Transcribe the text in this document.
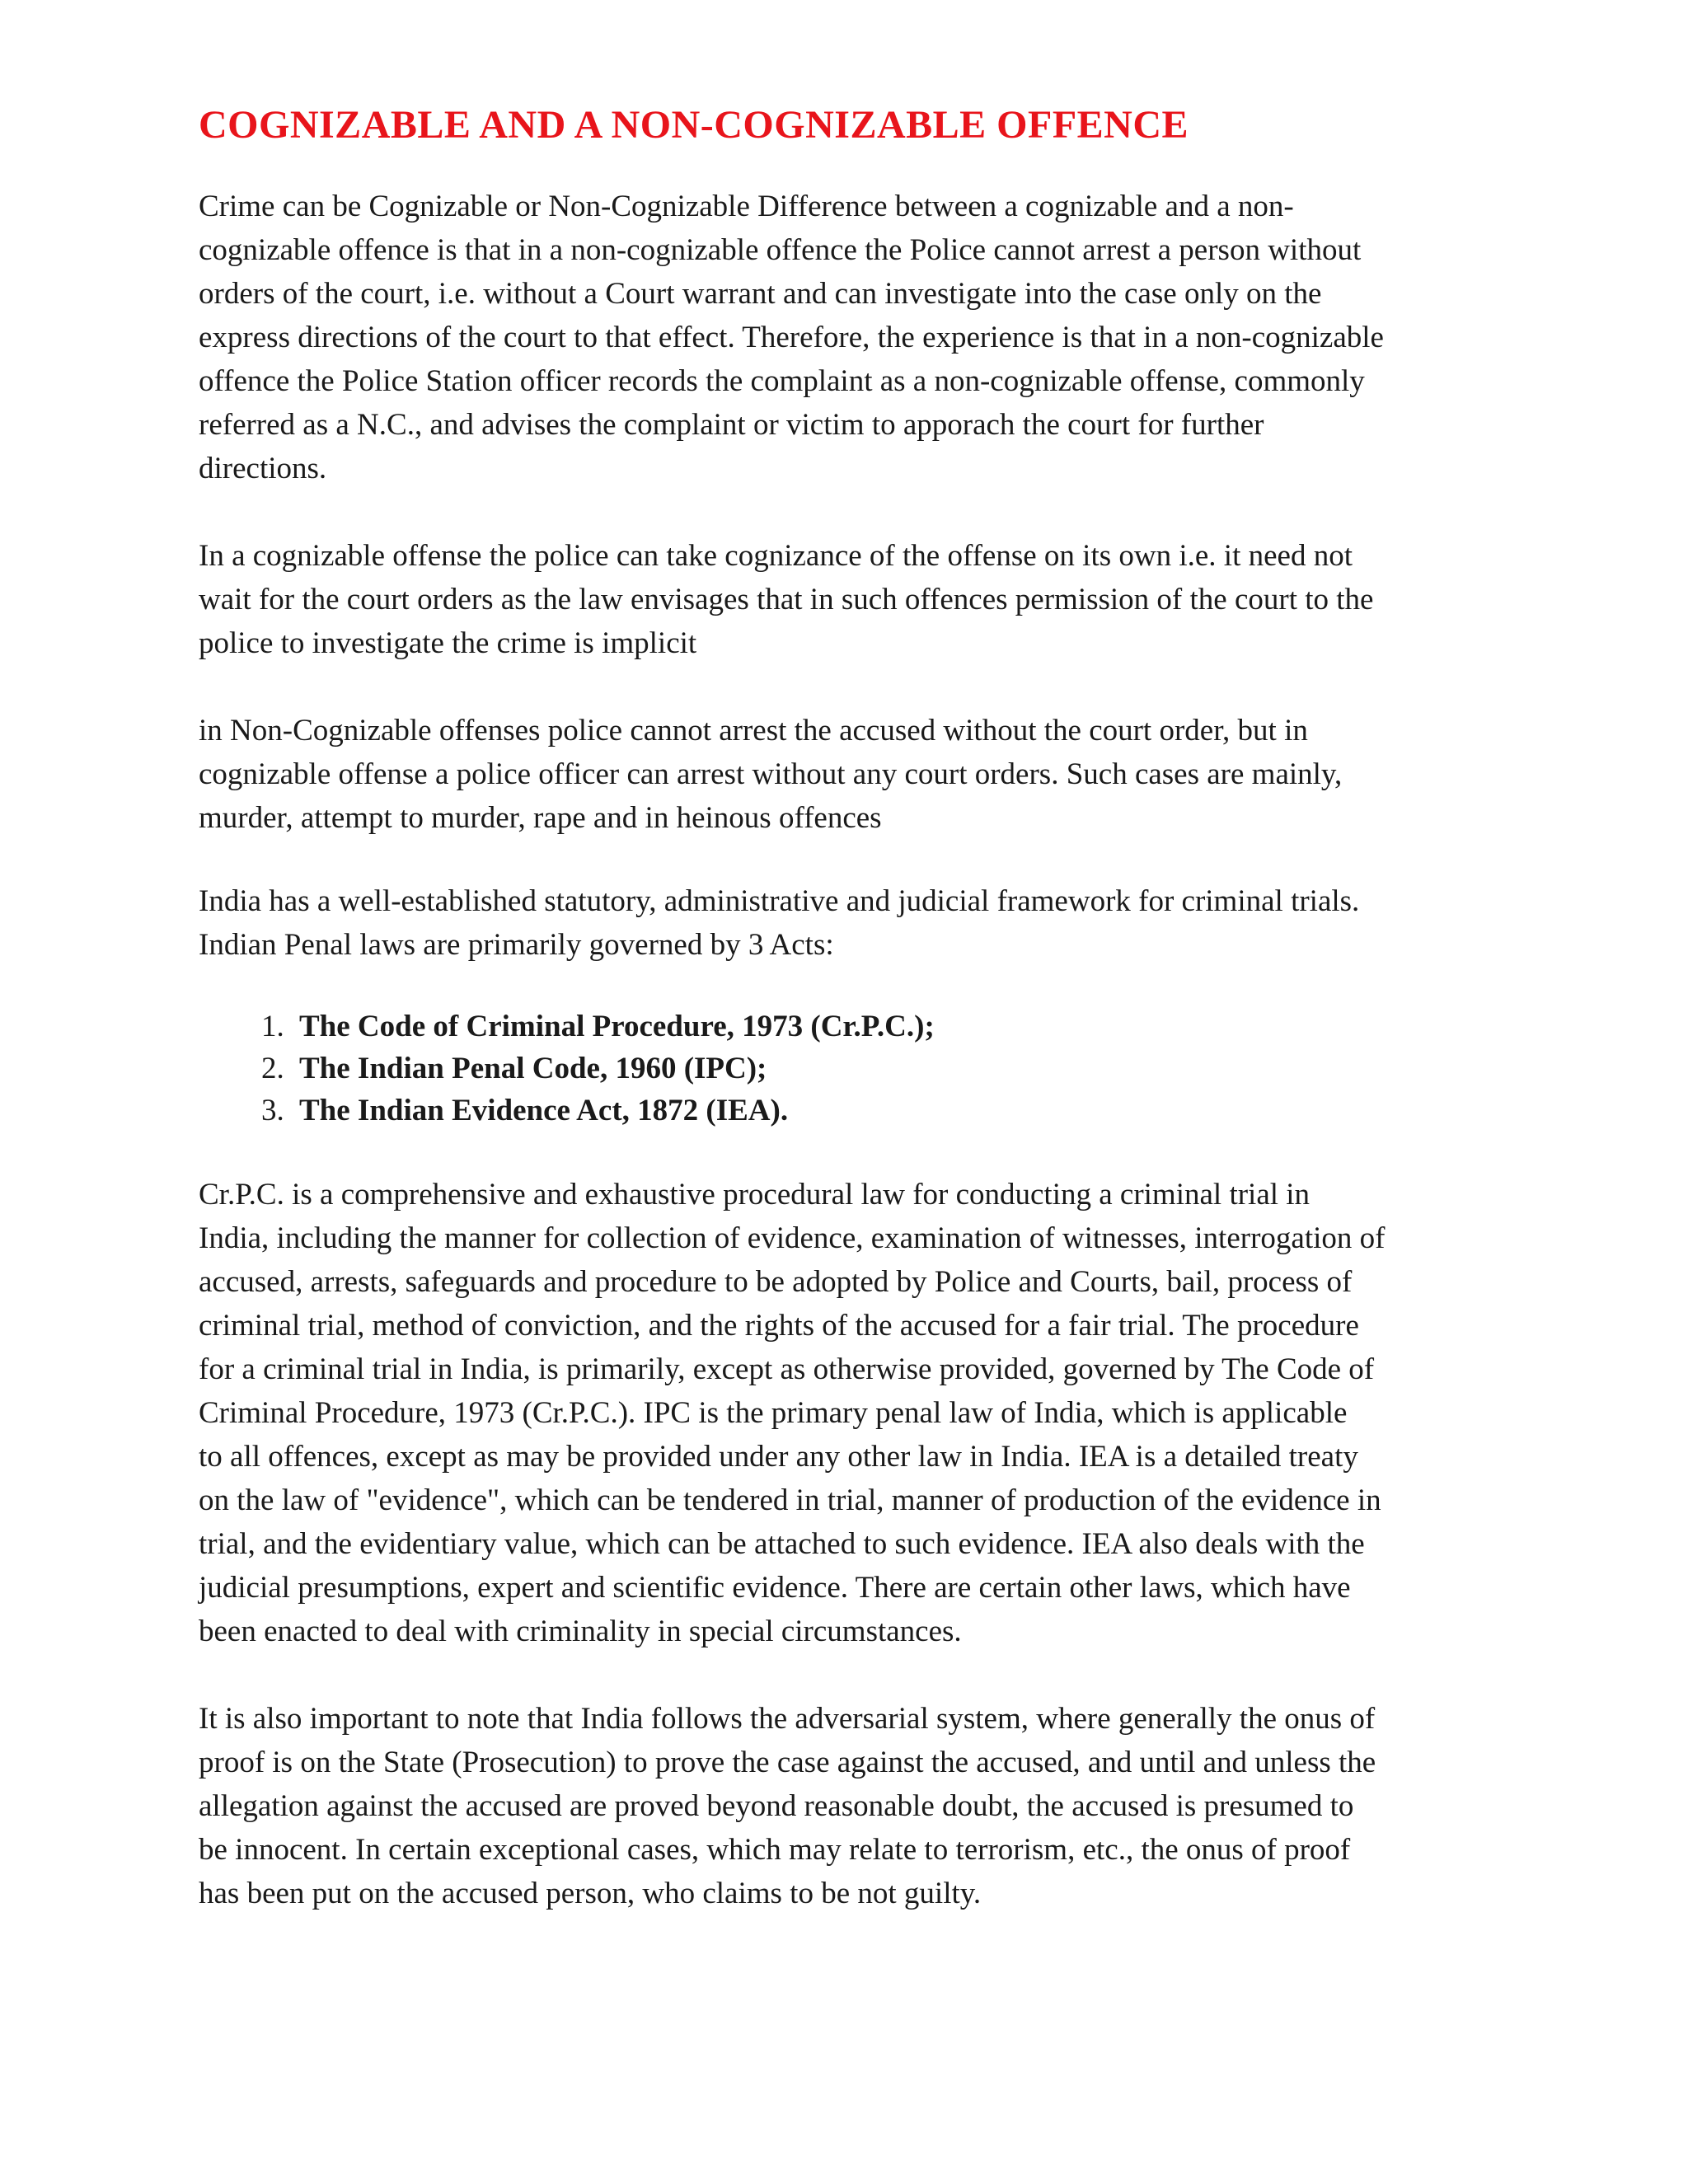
COGNIZABLE AND A NON-COGNIZABLE OFFENCE

Crime can be Cognizable or Non-Cognizable Difference between a cognizable and a non-
cognizable offence is that in a non-cognizable offence the Police cannot arrest a person without
orders of the court, i.e. without a Court warrant and can investigate into the case only on the
express directions of the court to that effect. Therefore, the experience is that in a non-cognizable
offence the Police Station officer records the complaint as a non-cognizable offense, commonly
referred as a N.C., and advises the complaint or victim to apporach the court for further
directions.

In a cognizable offense the police can take cognizance of the offense on its own i.e. it need not
wait for the court orders as the law envisages that in such offences permission of the court to the
police to investigate the crime is implicit

in Non-Cognizable offenses police cannot arrest the accused without the court order, but in
cognizable offense a police officer can arrest without any court orders. Such cases are mainly,
murder, attempt to murder, rape and in heinous offences

India has a well-established statutory, administrative and judicial framework for criminal trials.
Indian Penal laws are primarily governed by 3 Acts:

1. The Code of Criminal Procedure, 1973 (Cr.P.C.);
2. The Indian Penal Code, 1960 (IPC);
3. The Indian Evidence Act, 1872 (IEA).

Cr.P.C. is a comprehensive and exhaustive procedural law for conducting a criminal trial in
India, including the manner for collection of evidence, examination of witnesses, interrogation of
accused, arrests, safeguards and procedure to be adopted by Police and Courts, bail, process of
criminal trial, method of conviction, and the rights of the accused for a fair trial. The procedure
for a criminal trial in India, is primarily, except as otherwise provided, governed by The Code of
Criminal Procedure, 1973 (Cr.P.C.). IPC is the primary penal law of India, which is applicable
to all offences, except as may be provided under any other law in India. IEA is a detailed treaty
on the law of "evidence", which can be tendered in trial, manner of production of the evidence in
trial, and the evidentiary value, which can be attached to such evidence. IEA also deals with the
judicial presumptions, expert and scientific evidence. There are certain other laws, which have
been enacted to deal with criminality in special circumstances.

It is also important to note that India follows the adversarial system, where generally the onus of
proof is on the State (Prosecution) to prove the case against the accused, and until and unless the
allegation against the accused are proved beyond reasonable doubt, the accused is presumed to
be innocent. In certain exceptional cases, which may relate to terrorism, etc., the onus of proof
has been put on the accused person, who claims to be not guilty.
